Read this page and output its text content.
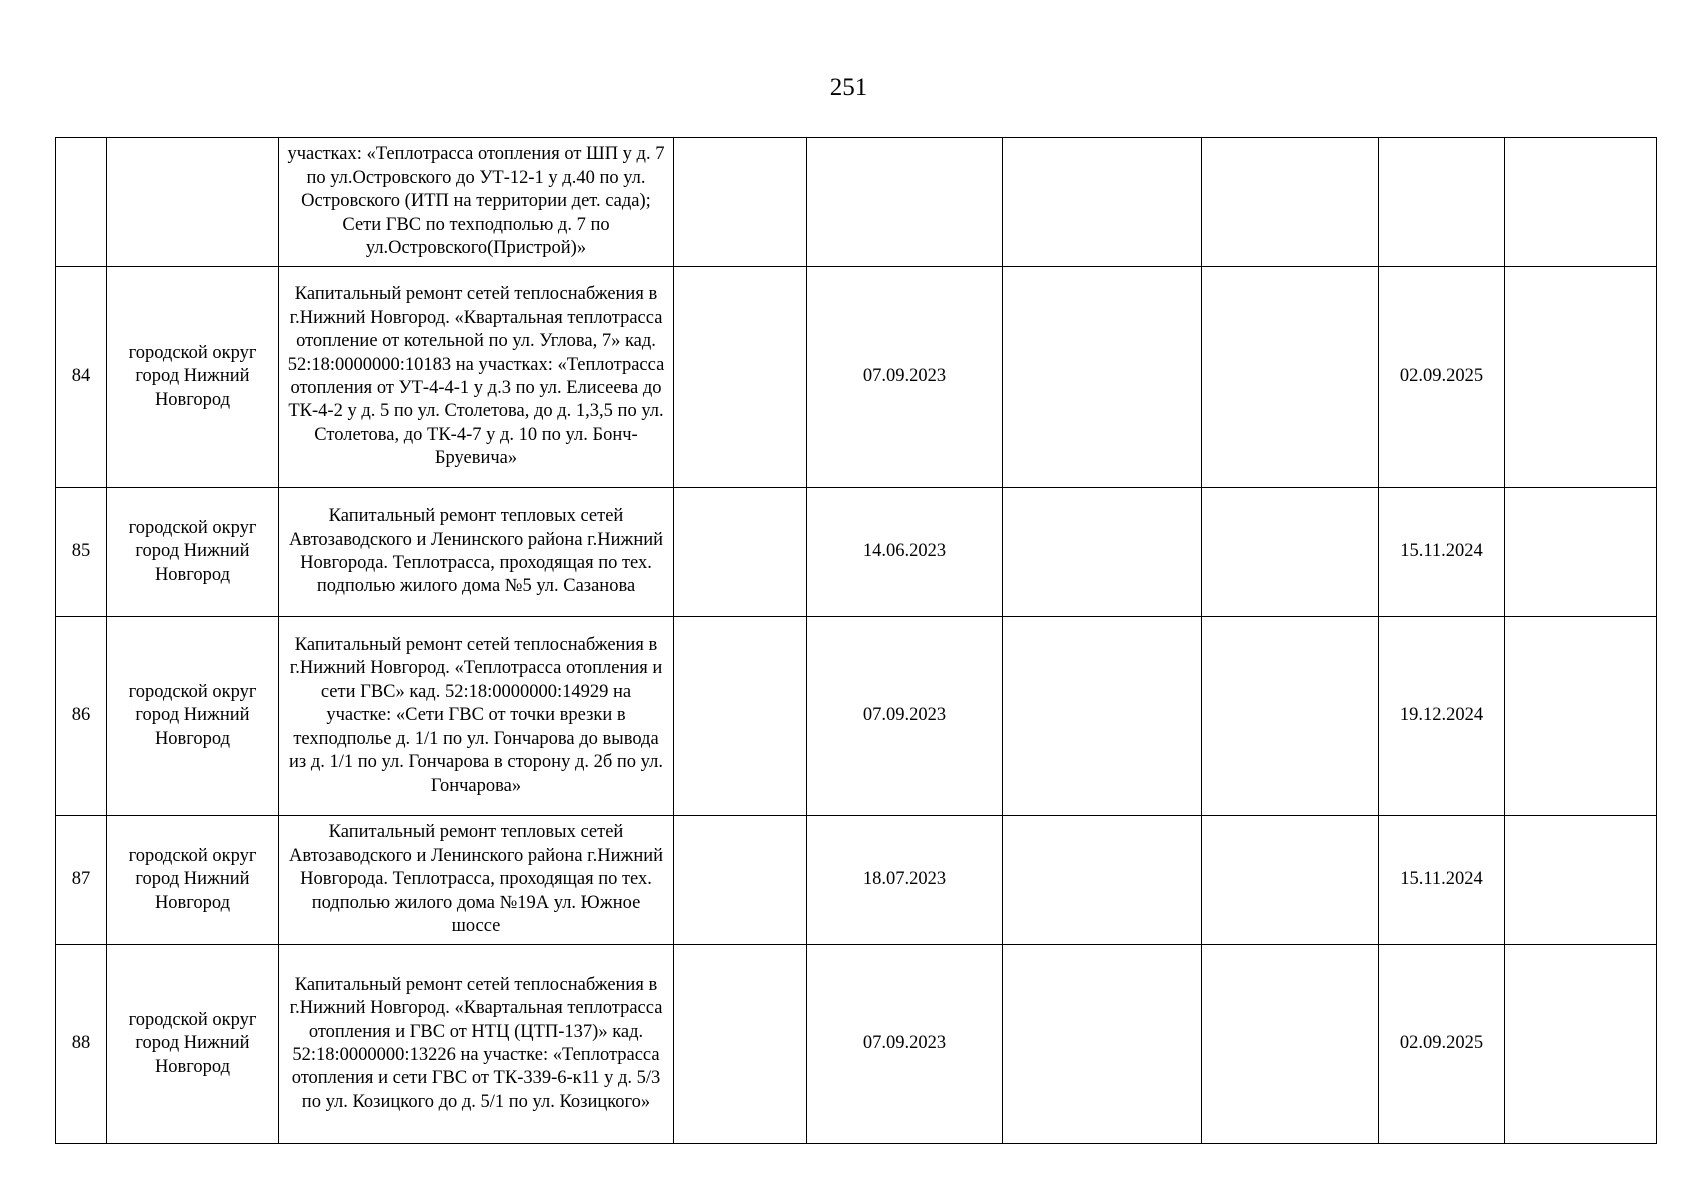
251
		участках: «Теплотрасса отопления от ШП у д. 7 по ул.Островского до УТ-12-1 у д.40 по ул. Островского (ИТП на территории дет. сада); Сети ГВС по техподполью д. 7 по ул.Островского(Пристрой)»						
84	городской округ город Нижний Новгород	Капитальный ремонт сетей теплоснабжения в г.Нижний Новгород. «Квартальная теплотрасса отопление от котельной по ул. Углова, 7» кад. 52:18:0000000:10183 на участках: «Теплотрасса отопления от УТ-4-4-1 у д.3 по ул. Елисеева до ТК-4-2 у д. 5 по ул. Столетова, до д. 1,3,5 по ул. Столетова, до ТК-4-7 у д. 10 по ул. Бонч-Бруевича»		07.09.2023			02.09.2025	
85	городской округ город Нижний Новгород	Капитальный ремонт тепловых сетей Автозаводского и Ленинского района г.Нижний Новгорода. Теплотрасса, проходящая по тех. подполью жилого дома №5 ул. Сазанова		14.06.2023			15.11.2024	
86	городской округ город Нижний Новгород	Капитальный ремонт сетей теплоснабжения в г.Нижний Новгород. «Теплотрасса отопления и сети ГВС» кад. 52:18:0000000:14929 на участке: «Сети ГВС от точки врезки в техподполье д. 1/1 по ул. Гончарова до вывода из д. 1/1 по ул. Гончарова в сторону д. 2б по ул. Гончарова»		07.09.2023			19.12.2024	
87	городской округ город Нижний Новгород	Капитальный ремонт тепловых сетей Автозаводского и Ленинского района г.Нижний Новгорода. Теплотрасса, проходящая по тех. подполью жилого дома №19А ул. Южное шоссе		18.07.2023			15.11.2024	
88	городской округ город Нижний Новгород	Капитальный ремонт сетей теплоснабжения в г.Нижний Новгород. «Квартальная теплотрасса отопления и ГВС от НТЦ (ЦТП-137)» кад. 52:18:0000000:13226 на участке: «Теплотрасса отопления и сети ГВС от ТК-339-6-к11 у д. 5/3 по ул. Козицкого до д. 5/1 по ул. Козицкого»		07.09.2023			02.09.2025	
